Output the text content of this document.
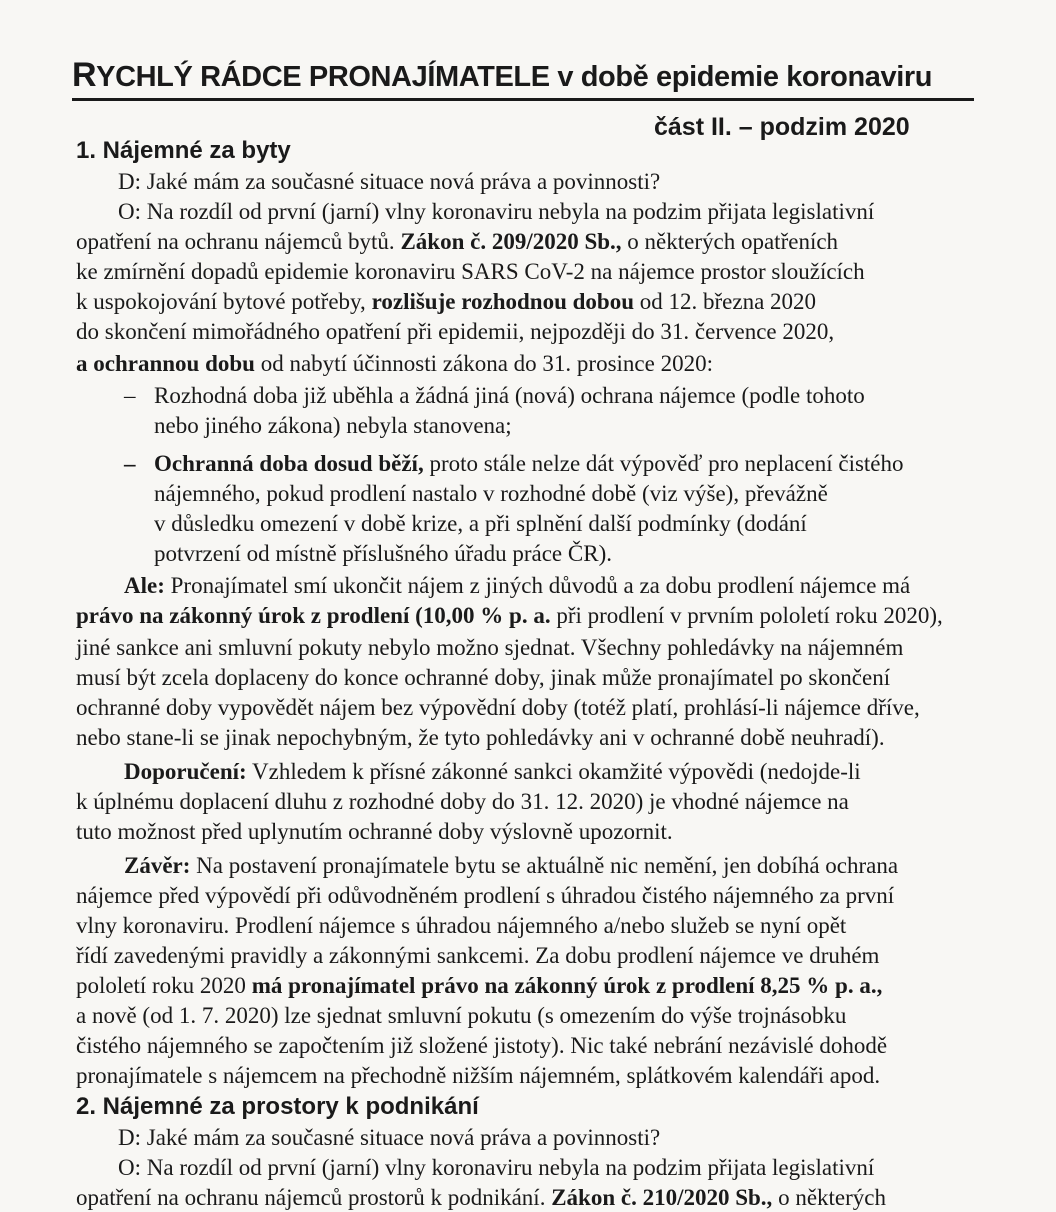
RYCHLÝ RÁDCE PRONAJÍMATELE v době epidemie koronaviru
část II. – podzim 2020
1. Nájemné za byty

D: Jaké mám za současné situace nová práva a povinnosti?

O: Na rozdíl od první (jarní) vlny koronaviru nebyla na podzim přijata legislativní

opatření na ochranu nájemců bytů. Zákon č. 209/2020 Sb., o některých opatřeních

ke zmírnění dopadů epidemie koronaviru SARS CoV-2 na nájemce prostor sloužících

k uspokojování bytové potřeby, rozlišuje rozhodnou dobou od 12. března 2020

do skončení mimořádného opatření při epidemii, nejpozději do 31. července 2020,

a ochrannou dobu od nabytí účinnosti zákona do 31. prosince 2020:

– Rozhodná doba již uběhla a žádná jiná (nová) ochrana nájemce (podle tohoto

nebo jiného zákona) nebyla stanovena;

– Ochranná doba dosud běží, proto stále nelze dát výpověď pro neplacení čistého

nájemného, pokud prodlení nastalo v rozhodné době (viz výše), převážně

v důsledku omezení v době krize, a při splnění další podmínky (dodání

potvrzení od místně příslušného úřadu práce ČR).

Ale: Pronajímatel smí ukončit nájem z jiných důvodů a za dobu prodlení nájemce má

právo na zákonný úrok z prodlení (10,00 % p. a. při prodlení v prvním pololetí roku 2020),

jiné sankce ani smluvní pokuty nebylo možno sjednat. Všechny pohledávky na nájemném

musí být zcela doplaceny do konce ochranné doby, jinak může pronajímatel po skončení

ochranné doby vypovědět nájem bez výpovědní doby (totéž platí, prohlásí-li nájemce dříve,

nebo stane-li se jinak nepochybným, že tyto pohledávky ani v ochranné době neuhradí).

Doporučení: Vzhledem k přísné zákonné sankci okamžité výpovědi (nedojde-li

k úplnému doplacení dluhu z rozhodné doby do 31. 12. 2020) je vhodné nájemce na

tuto možnost před uplynutím ochranné doby výslovně upozornit.

Závěr: Na postavení pronajímatele bytu se aktuálně nic nemění, jen dobíhá ochrana

nájemce před výpovědí při odůvodněném prodlení s úhradou čistého nájemného za první

vlny koronaviru. Prodlení nájemce s úhradou nájemného a/nebo služeb se nyní opět

řídí zavedenými pravidly a zákonnými sankcemi. Za dobu prodlení nájemce ve druhém

pololetí roku 2020 má pronajímatel právo na zákonný úrok z prodlení 8,25 % p. a.,

a nově (od 1. 7. 2020) lze sjednat smluvní pokutu (s omezením do výše trojnásobku

čistého nájemného se započtením již složené jistoty). Nic také nebrání nezávislé dohodě

pronajímatele s nájemcem na přechodně nižším nájemném, splátkovém kalendáři apod.

2. Nájemné za prostory k podnikání

D: Jaké mám za současné situace nová práva a povinnosti?

O: Na rozdíl od první (jarní) vlny koronaviru nebyla na podzim přijata legislativní

opatření na ochranu nájemců prostorů k podnikání. Zákon č. 210/2020 Sb., o některých
